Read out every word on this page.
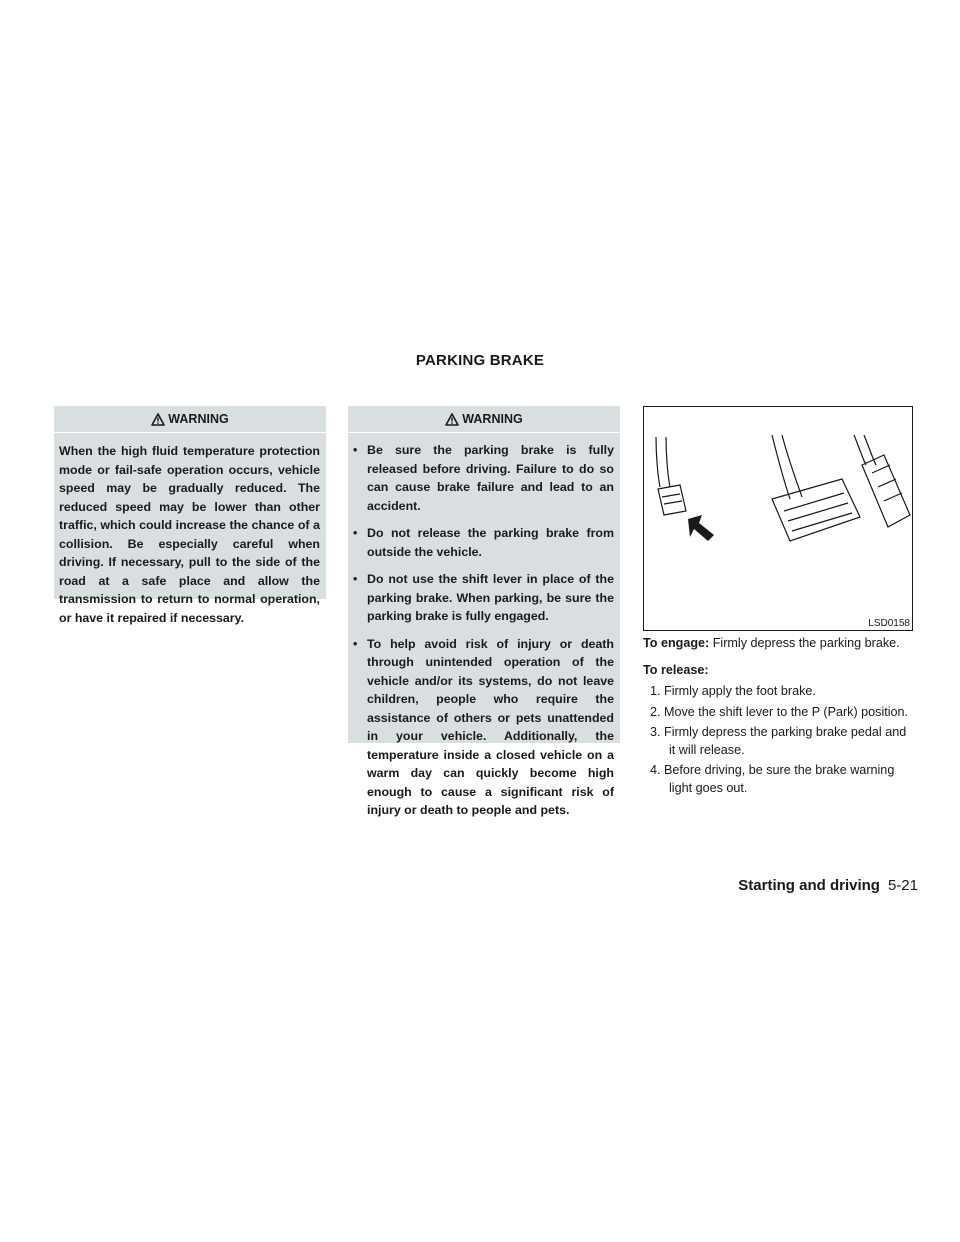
PARKING BRAKE
WARNING
When the high fluid temperature protection mode or fail-safe operation occurs, vehicle speed may be gradually reduced. The reduced speed may be lower than other traffic, which could increase the chance of a collision. Be especially careful when driving. If necessary, pull to the side of the road at a safe place and allow the transmission to return to normal operation, or have it repaired if necessary.
WARNING
• Be sure the parking brake is fully released before driving. Failure to do so can cause brake failure and lead to an accident.
• Do not release the parking brake from outside the vehicle.
• Do not use the shift lever in place of the parking brake. When parking, be sure the parking brake is fully engaged.
• To help avoid risk of injury or death through unintended operation of the vehicle and/or its systems, do not leave children, people who require the assistance of others or pets unattended in your vehicle. Additionally, the temperature inside a closed vehicle on a warm day can quickly become high enough to cause a significant risk of injury or death to people and pets.
LSD0158

To engage: Firmly depress the parking brake.

To release:

1. Firmly apply the foot brake.
2. Move the shift lever to the P (Park) position.
3. Firmly depress the parking brake pedal and it will release.
4. Before driving, be sure the brake warning light goes out.
Starting and driving 5-21
